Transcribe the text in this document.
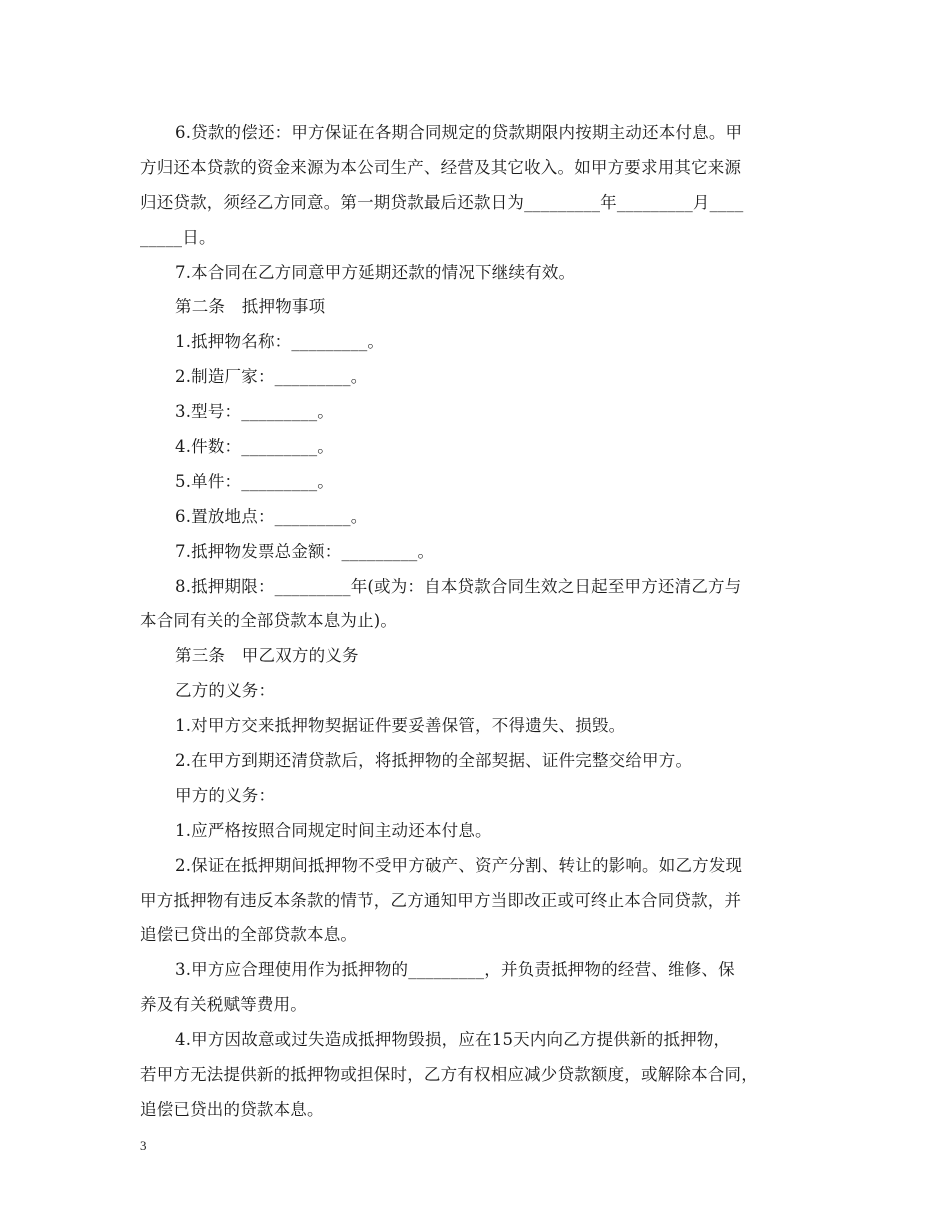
6.贷款的偿还：甲方保证在各期合同规定的贷款期限内按期主动还本付息。甲
方归还本贷款的资金来源为本公司生产、经营及其它收入。如甲方要求用其它来源
归还贷款，须经乙方同意。第一期贷款最后还款日为_________年_________月____
_____日。
7.本合同在乙方同意甲方延期还款的情况下继续有效。
第二条　抵押物事项
1.抵押物名称：_________。
2.制造厂家：_________。
3.型号：_________。
4.件数：_________。
5.单件：_________。
6.置放地点：_________。
7.抵押物发票总金额：_________。
8.抵押期限：_________年(或为：自本贷款合同生效之日起至甲方还清乙方与
本合同有关的全部贷款本息为止)。
第三条　甲乙双方的义务
乙方的义务：
1.对甲方交来抵押物契据证件要妥善保管，不得遗失、损毁。
2.在甲方到期还清贷款后，将抵押物的全部契据、证件完整交给甲方。
甲方的义务：
1.应严格按照合同规定时间主动还本付息。
2.保证在抵押期间抵押物不受甲方破产、资产分割、转让的影响。如乙方发现
甲方抵押物有违反本条款的情节，乙方通知甲方当即改正或可终止本合同贷款，并
追偿已贷出的全部贷款本息。
3.甲方应合理使用作为抵押物的_________，并负责抵押物的经营、维修、保
养及有关税赋等费用。
4.甲方因故意或过失造成抵押物毁损，应在15天内向乙方提供新的抵押物，
若甲方无法提供新的抵押物或担保时，乙方有权相应减少贷款额度，或解除本合同，
追偿已贷出的贷款本息。
3
